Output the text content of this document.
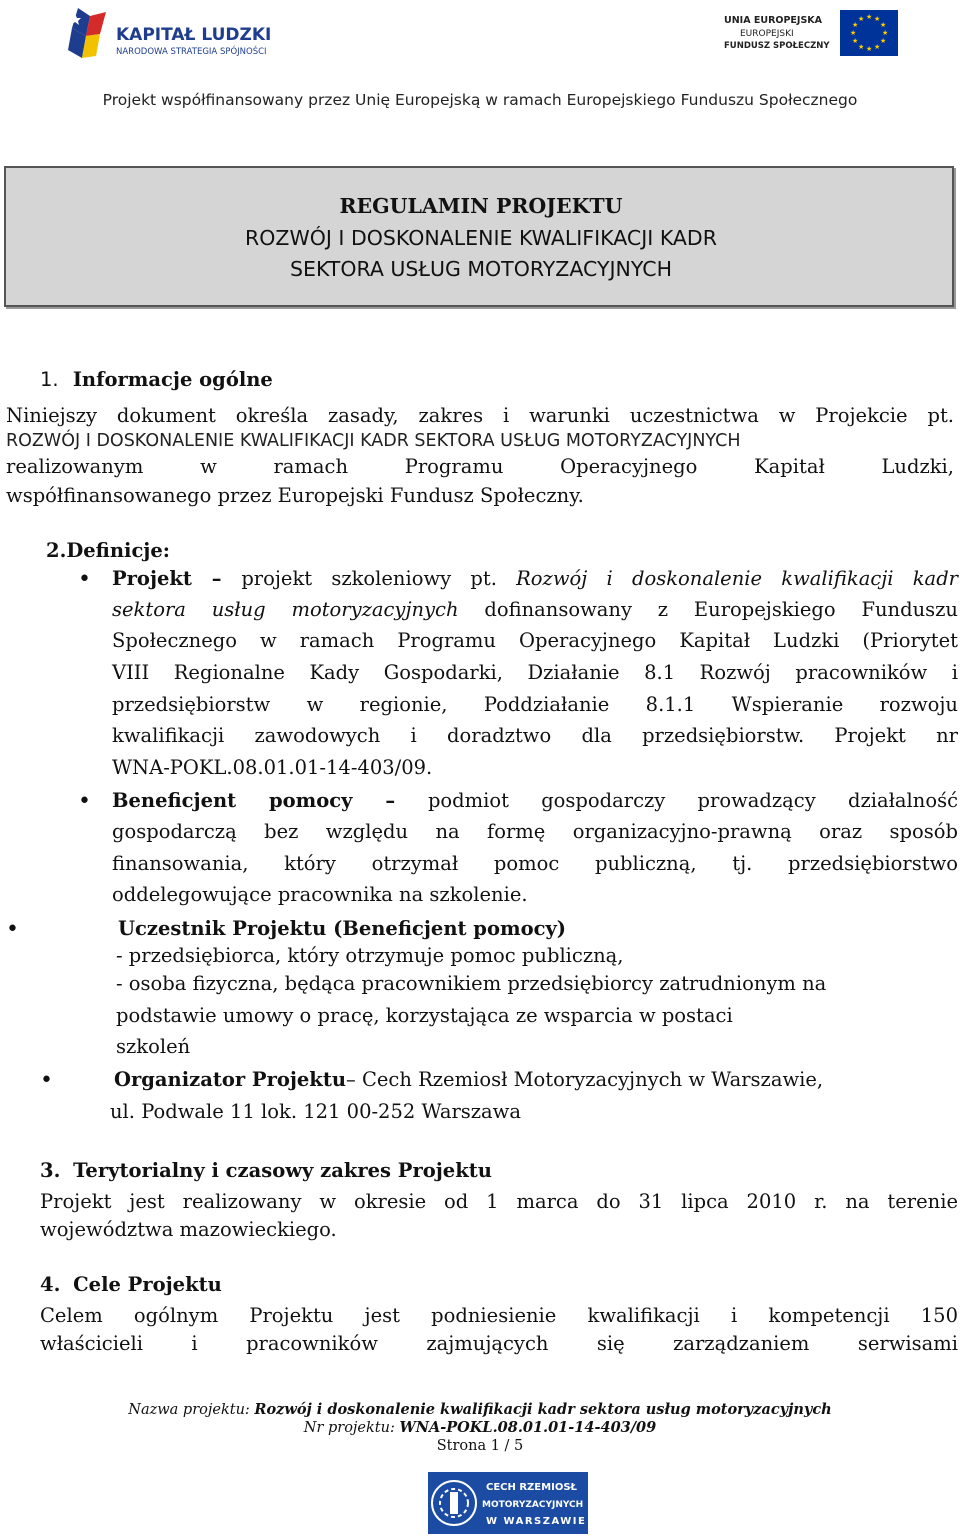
KAPITAŁ LUDZKI
NARODOWA STRATEGIA SPÓJNOŚCI
UNIA EUROPEJSKA
EUROPEJSKI
FUNDUSZ SPOŁECZNY
★ ★
★
★
★
★
★
★
★
★
★
★
Projekt współfinansowany przez Unię Europejską w ramach Europejskiego Funduszu Społecznego
REGULAMIN PROJEKTU
ROZWÓJ I DOSKONALENIE KWALIFIKACJI KADR
SEKTORA USŁUG MOTORYZACYJNYCH
1. Informacje ogólne
Niniejszy dokument określa zasady, zakres i warunki uczestnictwa w Projekcie pt.
ROZWÓJ I DOSKONALENIE KWALIFIKACJI KADR SEKTORA USŁUG MOTORYZACYJNYCH
realizowanym w ramach Programu Operacyjnego Kapitał Ludzki,
współfinansowanego przez Europejski Fundusz Społeczny.
2.Definicje:
• Projekt – projekt szkoleniowy pt. Rozwój i doskonalenie kwalifikacji kadr
sektora usług motoryzacyjnych dofinansowany z Europejskiego Funduszu
Społecznego w ramach Programu Operacyjnego Kapitał Ludzki (Priorytet
VIII Regionalne Kady Gospodarki, Działanie 8.1 Rozwój pracowników i
przedsiębiorstw w regionie, Poddziałanie 8.1.1 Wspieranie rozwoju
kwalifikacji zawodowych i doradztwo dla przedsiębiorstw. Projekt nr
WNA-POKL.08.01.01-14-403/09.
• Beneficjent pomocy – podmiot gospodarczy prowadzący działalność
gospodarczą bez względu na formę organizacyjno-prawną oraz sposób
finansowania, który otrzymał pomoc publiczną, tj. przedsiębiorstwo
oddelegowujące pracownika na szkolenie.
•	Uczestnik Projektu (Beneficjent pomocy)
- przedsiębiorca, który otrzymuje pomoc publiczną,
- osoba fizyczna, będąca pracownikiem przedsiębiorcy zatrudnionym na
podstawie umowy o pracę, korzystająca ze wsparcia w postaci
szkoleń
•	Organizator Projektu– Cech Rzemiosł Motoryzacyjnych w Warszawie,
ul. Podwale 11 lok. 121 00-252 Warszawa
3. Terytorialny i czasowy zakres Projektu
Projekt jest realizowany w okresie od 1 marca do 31 lipca 2010 r. na terenie
województwa mazowieckiego.
4. Cele Projektu
Celem ogólnym Projektu jest podniesienie kwalifikacji i kompetencji 150
właścicieli i pracowników zajmujących się zarządzaniem serwisami
Nazwa projektu: Rozwój i doskonalenie kwalifikacji kadr sektora usług motoryzacyjnych
Nr projektu: WNA-POKL.08.01.01-14-403/09
Strona 1 / 5
CECH RZEMIOSŁ
MOTORYZACYJNYCH
W WARSZAWIE
